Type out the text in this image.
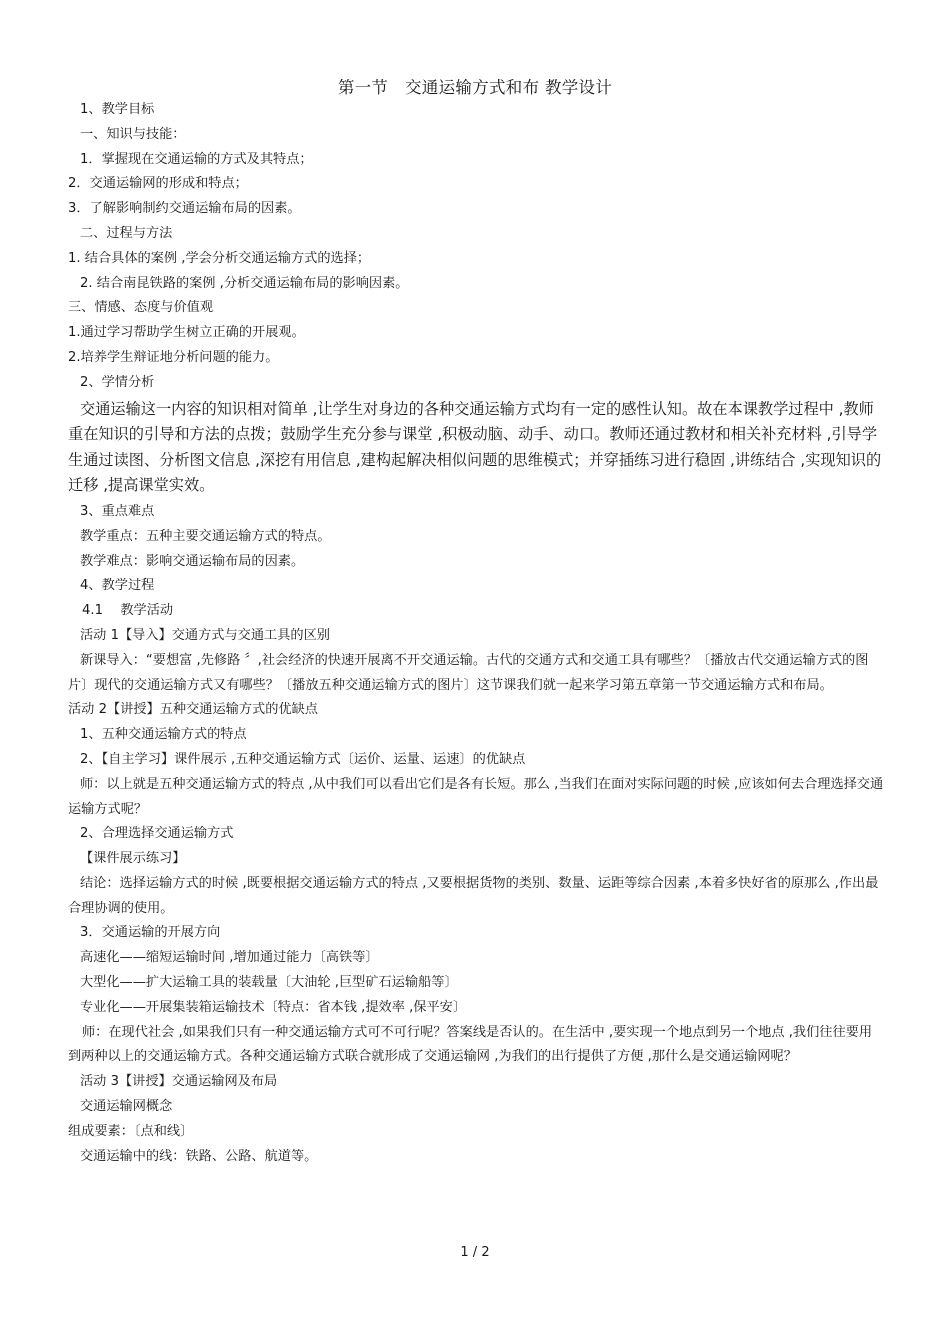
第一节　交通运输方式和布 教学设计

1、教学目标

一、知识与技能：

1．掌握现在交通运输的方式及其特点；

2．交通运输网的形成和特点；

3．了解影响制约交通运输布局的因素。

二、过程与方法

1. 结合具体的案例 ,学会分析交通运输方式的选择；

2. 结合南昆铁路的案例 ,分析交通运输布局的影响因素。

三、情感、态度与价值观

1.通过学习帮助学生树立正确的开展观。

2.培养学生辩证地分析问题的能力。

2、学情分析

交通运输这一内容的知识相对简单 ,让学生对身边的各种交通运输方式均有一定的感性认知。故在本课教学过程中 ,教师重在知识的引导和方法的点拨；鼓励学生充分参与课堂 ,积极动脑、动手、动口。教师还通过教材和相关补充材料 ,引导学生通过读图、分析图文信息 ,深挖有用信息 ,建构起解决相似问题的思维模式；并穿插练习进行稳固 ,讲练结合 ,实现知识的迁移 ,提高课堂实效。

3、重点难点

教学重点：五种主要交通运输方式的特点。

教学难点：影响交通运输布局的因素。

4、教学过程

4.1　 教学活动

活动 1【导入】交通方式与交通工具的区别

新课导入：“要想富 ,先修路 〞,社会经济的快速开展离不开交通运输。古代的交通方式和交通工具有哪些？〔播放古代交通运输方式的图片〕现代的交通运输方式又有哪些？〔播放五种交通运输方式的图片〕这节课我们就一起来学习第五章第一节交通运输方式和布局。

活动 2【讲授】五种交通运输方式的优缺点

1、五种交通运输方式的特点

2、【自主学习】课件展示 ,五种交通运输方式〔运价、运量、运速〕的优缺点

师：以上就是五种交通运输方式的特点 ,从中我们可以看出它们是各有长短。那么 ,当我们在面对实际问题的时候 ,应该如何去合理选择交通运输方式呢？

2、合理选择交通运输方式

【课件展示练习】

结论：选择运输方式的时候 ,既要根据交通运输方式的特点 ,又要根据货物的类别、数量、运距等综合因素 ,本着多快好省的原那么 ,作出最合理协调的使用。

3．交通运输的开展方向

高速化——缩短运输时间 ,增加通过能力〔高铁等〕

大型化——扩大运输工具的装载量〔大油轮 ,巨型矿石运输船等〕

专业化——开展集装箱运输技术〔特点：省本钱 ,提效率 ,保平安〕

师：在现代社会 ,如果我们只有一种交通运输方式可不可行呢？答案线是否认的。在生活中 ,要实现一个地点到另一个地点 ,我们往往要用到两种以上的交通运输方式。各种交通运输方式联合就形成了交通运输网 ,为我们的出行提供了方便 ,那什么是交通运输网呢？

活动 3【讲授】交通运输网及布局

交通运输网概念

组成要素：〔点和线〕

交通运输中的线：铁路、公路、航道等。

1 / 2
